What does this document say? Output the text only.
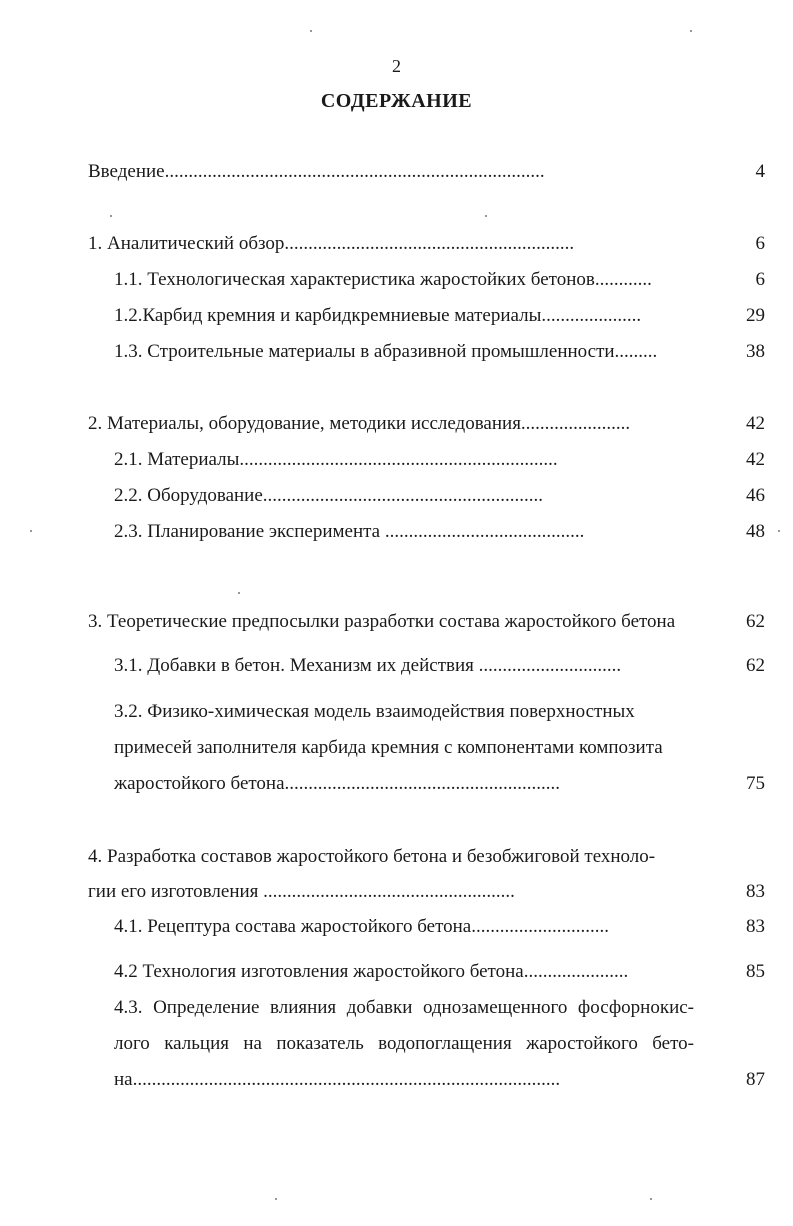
2
СОДЕРЖАНИЕ
Введение................................................................................	4
1. Аналитический обзор.............................................................	6
1.1. Технологическая характеристика жаростойких бетонов............	6
1.2.Карбид кремния и карбидкремниевые материалы.....................	29
1.3. Строительные материалы в абразивной промышленности.........	38
2. Материалы, оборудование, методики исследования.......................	42
2.1. Материалы...................................................................	42
2.2. Оборудование...........................................................	46
2.3. Планирование эксперимента ..........................................	48
3. Теоретические предпосылки разработки состава жаростойкого бетона	62
3.1. Добавки в бетон. Механизм их действия ..............................	62
3.2. Физико-химическая модель взаимодействия поверхностных
примесей заполнителя карбида кремния с компонентами композита
жаростойкого бетона..........................................................	75
4. Разработка составов жаростойкого бетона и безобжиговой техноло-
гии его изготовления .....................................................	83
4.1. Рецептура состава жаростойкого бетона.............................	83
4.2 Технология изготовления жаростойкого бетона......................	85
4.3. Определение влияния добавки однозамещенного фосфорнокис-
лого кальция на показатель водопоглащения жаростойкого бето-
на..........................................................................................	87
